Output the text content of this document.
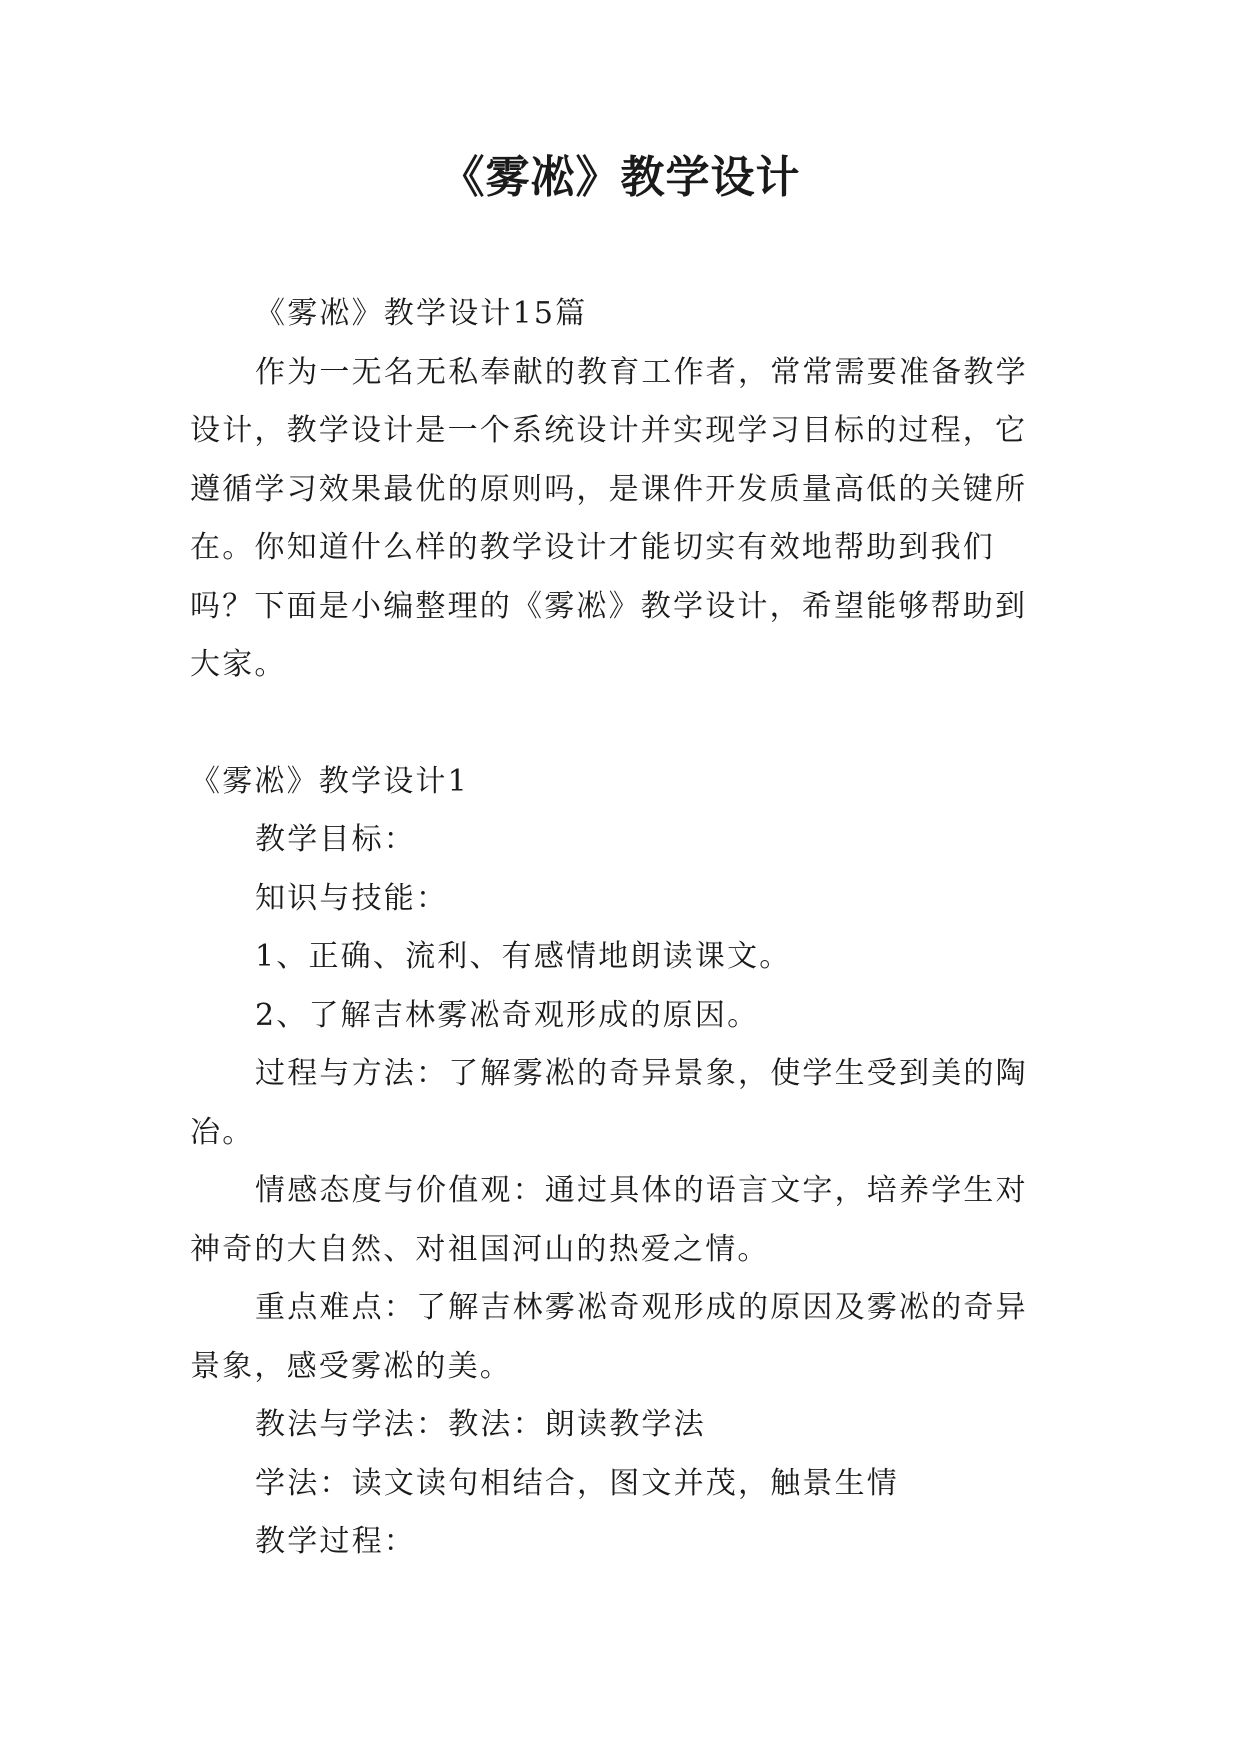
《雾凇》教学设计

《雾凇》教学设计15篇

作为一无名无私奉献的教育工作者，常常需要准备教学

设计，教学设计是一个系统设计并实现学习目标的过程，它

遵循学习效果最优的原则吗，是课件开发质量高低的关键所

在。你知道什么样的教学设计才能切实有效地帮助到我们

吗？下面是小编整理的《雾凇》教学设计，希望能够帮助到

大家。

《雾凇》教学设计1

教学目标：

知识与技能：

1、正确、流利、有感情地朗读课文。

2、了解吉林雾凇奇观形成的原因。

过程与方法：了解雾凇的奇异景象，使学生受到美的陶

冶。

情感态度与价值观：通过具体的语言文字，培养学生对

神奇的大自然、对祖国河山的热爱之情。

重点难点：了解吉林雾凇奇观形成的原因及雾凇的奇异

景象，感受雾凇的美。

教法与学法：教法：朗读教学法

学法：读文读句相结合，图文并茂，触景生情

教学过程：
